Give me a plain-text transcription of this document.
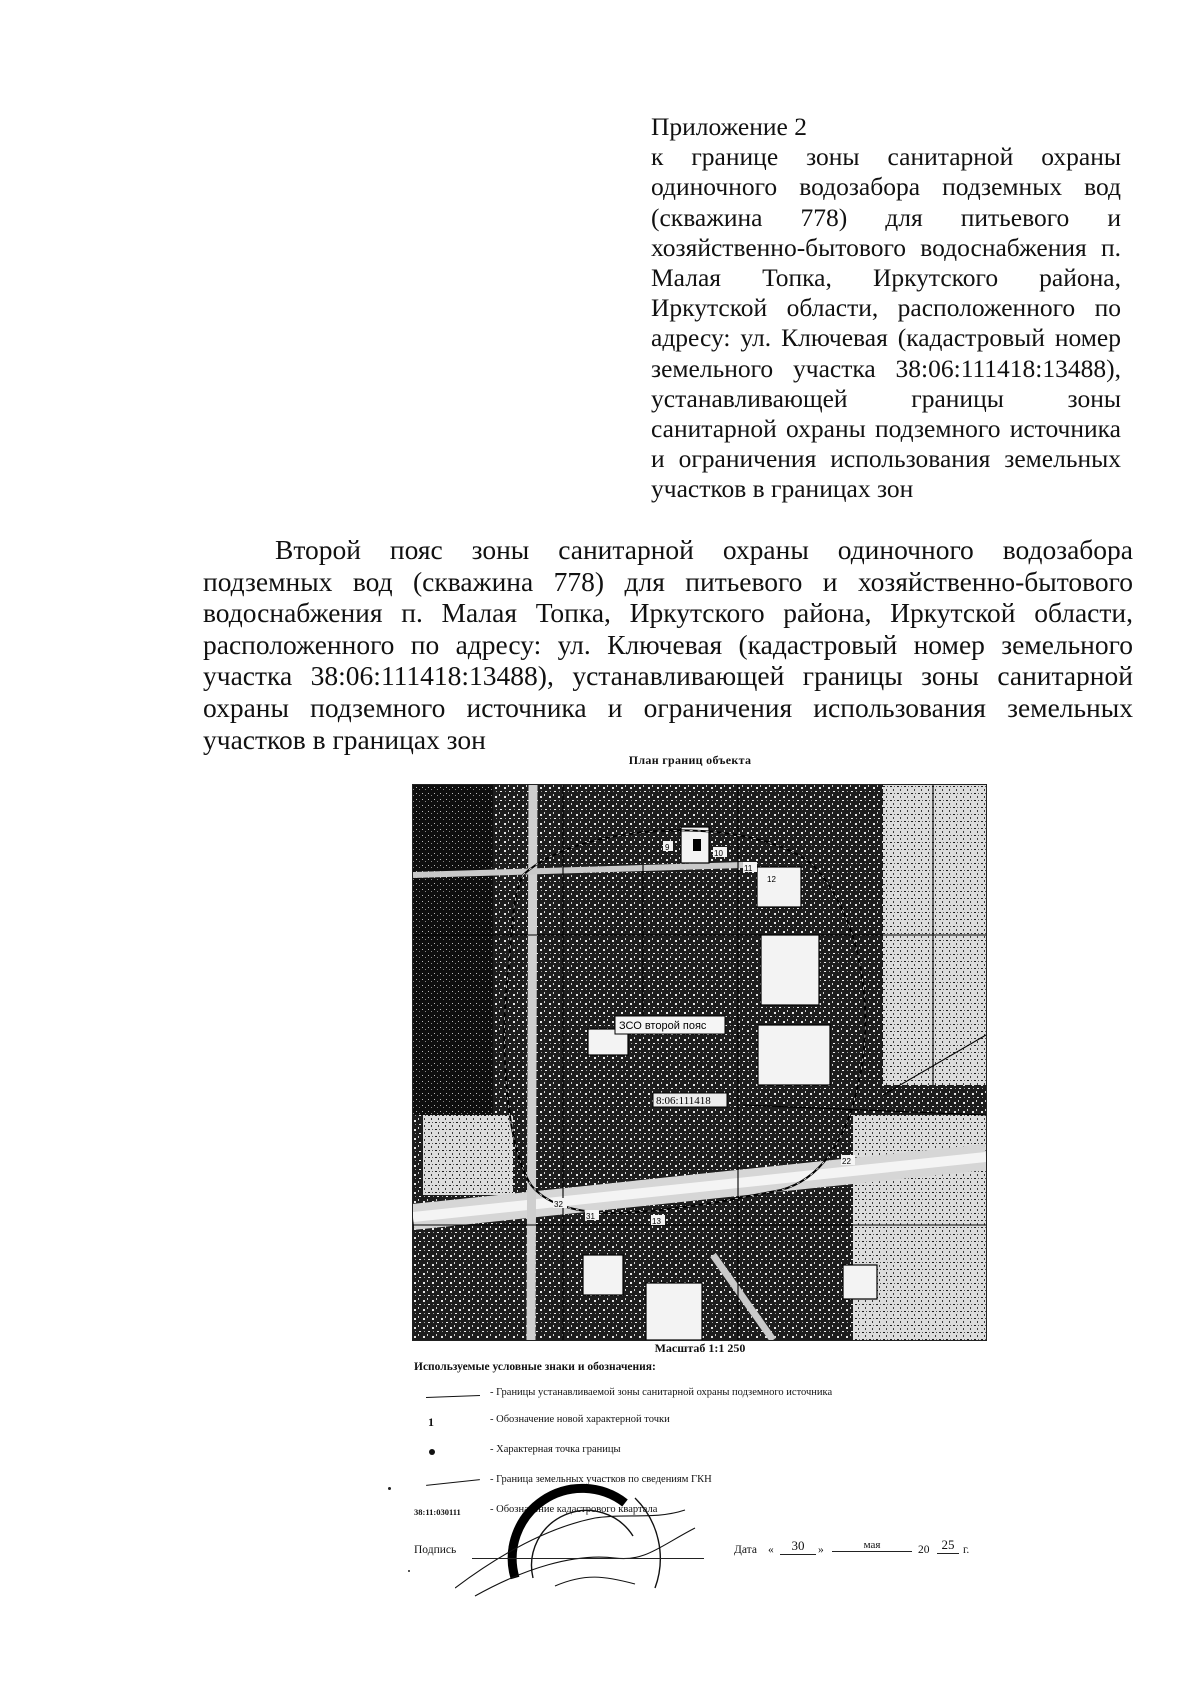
Приложение 2

к границе зоны санитарной охраны одиночного водозабора подземных вод (скважина 778) для питьевого и хозяйственно-бытового водоснабжения п. Малая Топка, Иркутского района, Иркутской области, расположенного по адресу: ул. Ключевая (кадастровый номер земельного участка 38:06:111418:13488), устанавливающей границы зоны санитарной охраны подземного источника и ограничения использования земельных участков в границах зон

Второй пояс зоны санитарной охраны одиночного водозабора подземных вод (скважина 778) для питьевого и хозяйственно-бытового водоснабжения п. Малая Топка, Иркутского района, Иркутской области, расположенного по адресу: ул. Ключевая (кадастровый номер земельного участка 38:06:111418:13488), устанавливающей границы зоны санитарной охраны подземного источника и ограничения использования земельных участков в границах зон

План границ объекта
8:06:111418
ЗСО второй пояс
10
11
12
13
22
31
32
9
Масштаб 1:1 250
Используемые условные знаки и обозначения:
- Границы устанавливаемой зоны санитарной охраны подземного источника
1	- Обозначение новой характерной точки
- Характерная точка границы
- Граница земельных участков по сведениям ГКН
38:11:030111	- Обозначение кадастрового квартала
Подпись	Дата «	30	»	мая	20 25 г.
